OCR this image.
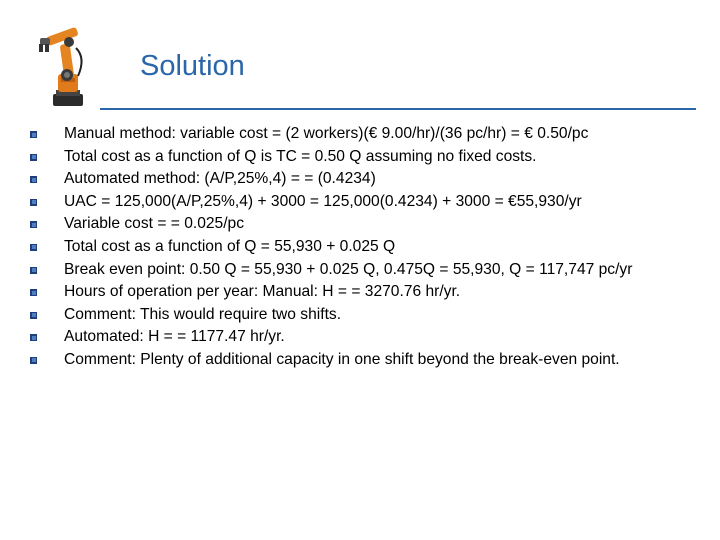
Solution
Manual method: variable cost = (2 workers)(€ 9.00/hr)/(36 pc/hr) = € 0.50/pc
Total cost as a function of Q is TC = 0.50 Q assuming no fixed costs.
Automated method: (A/P,25%,4) = = (0.4234)
UAC = 125,000(A/P,25%,4) + 3000 = 125,000(0.4234) + 3000 = €55,930/yr
Variable cost = = 0.025/pc
Total cost as a function of Q = 55,930 + 0.025 Q
Break even point: 0.50 Q = 55,930 + 0.025 Q, 0.475Q = 55,930, Q = 117,747 pc/yr
Hours of operation per year: Manual: H = = 3270.76 hr/yr.
Comment: This would require two shifts.
Automated: H = = 1177.47 hr/yr.
Comment: Plenty of additional capacity in one shift beyond the break-even point.
